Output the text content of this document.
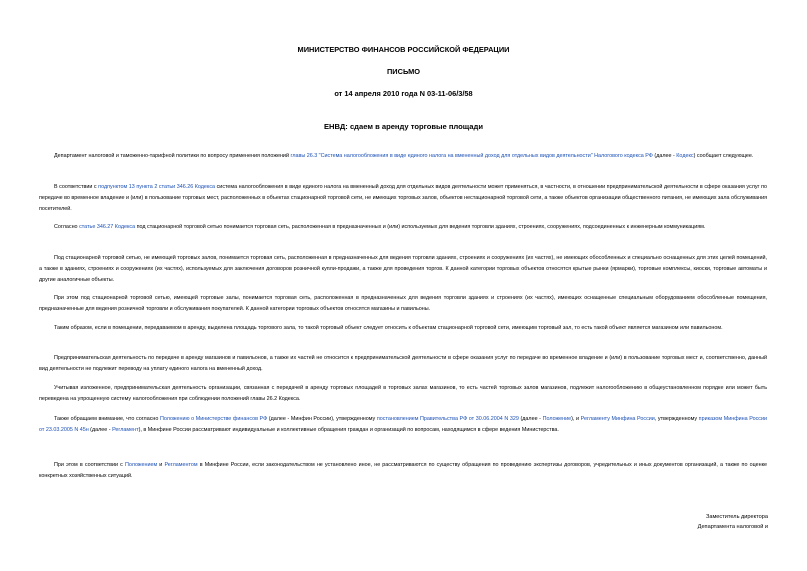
МИНИСТЕРСТВО ФИНАНСОВ РОССИЙСКОЙ ФЕДЕРАЦИИ
ПИСЬМО
от 14 апреля 2010 года N 03-11-06/3/58
ЕНВД: сдаем в аренду торговые площади

Департамент налоговой и таможенно-тарифной политики по вопросу применения положений главы 26.3 "Система налогообложения в виде единого налога на вмененный доход для отдельных видов деятельности" Налогового кодекса РФ (далее - Кодекс) сообщает следующее.

В соответствии с подпунктом 13 пункта 2 статьи 346.26 Кодекса система налогообложения в виде единого налога на вмененный доход для отдельных видов деятельности может применяться, в частности, в отношении предпринимательской деятельности в сфере оказания услуг по передаче во временное владение и (или) в пользование торговых мест, расположенных в объектах стационарной торговой сети, не имеющих торговых залов, объектов нестационарной торговой сети, а также объектов организации общественного питания, не имеющих зала обслуживания посетителей.

Согласно статье 346.27 Кодекса под стационарной торговой сетью понимается торговая сеть, расположенная в предназначенных и (или) используемых для ведения торговли зданиях, строениях, сооружениях, подсоединенных к инженерным коммуникациям.

Под стационарной торговой сетью, не имеющей торговых залов, понимается торговая сеть, расположенная в предназначенных для ведения торговли зданиях, строениях и сооружениях (их частях), не имеющих обособленных и специально оснащенных для этих целей помещений, а также в зданиях, строениях и сооружениях (их частях), используемых для заключения договоров розничной купли-продажи, а также для проведения торгов. К данной категории торговых объектов относятся крытые рынки (ярмарки), торговые комплексы, киоски, торговые автоматы и другие аналогичные объекты.

При этом под стационарной торговой сетью, имеющей торговые залы, понимается торговая сеть, расположенная в предназначенных для ведения торговли зданиях и строениях (их частях), имеющих оснащенные специальным оборудованием обособленные помещения, предназначенные для ведения розничной торговли и обслуживания покупателей. К данной категории торговых объектов относятся магазины и павильоны.

Таким образом, если в помещении, передаваемом в аренду, выделена площадь торгового зала, то такой торговый объект следует относить к объектам стационарной торговой сети, имеющим торговый зал, то есть такой объект является магазином или павильоном.

Предпринимательская деятельность по передаче в аренду магазинов и павильонов, а также их частей не относится к предпринимательской деятельности в сфере оказания услуг по передаче во временное владение и (или) в пользование торговых мест и, соответственно, данный вид деятельности не подлежит переводу на уплату единого налога на вмененный доход.

Учитывая изложенное, предпринимательская деятельность организации, связанная с передачей в аренду торговых площадей в торговых залах магазинов, то есть частей торговых залов магазинов, подлежит налогообложению в общеустановленном порядке или может быть переведена на упрощенную систему налогообложения при соблюдении положений главы 26.2 Кодекса.

Также обращаем внимание, что согласно Положению о Министерстве финансов РФ (далее - Минфин России), утвержденному постановлением Правительства РФ от 30.06.2004 N 329 (далее - Положение), и Регламенту Минфина России, утвержденному приказом Минфина России от 23.03.2005 N 45н (далее - Регламент), в Минфине России рассматривают индивидуальные и коллективные обращения граждан и организаций по вопросам, находящимся в сфере ведения Министерства.

При этом в соответствии с Положением и Регламентом в Минфине России, если законодательством не установлено иное, не рассматриваются по существу обращения по проведению экспертизы договоров, учредительных и иных документов организаций, а также по оценке конкретных хозяйственных ситуаций.

Заместитель директора
Департамента налоговой и
